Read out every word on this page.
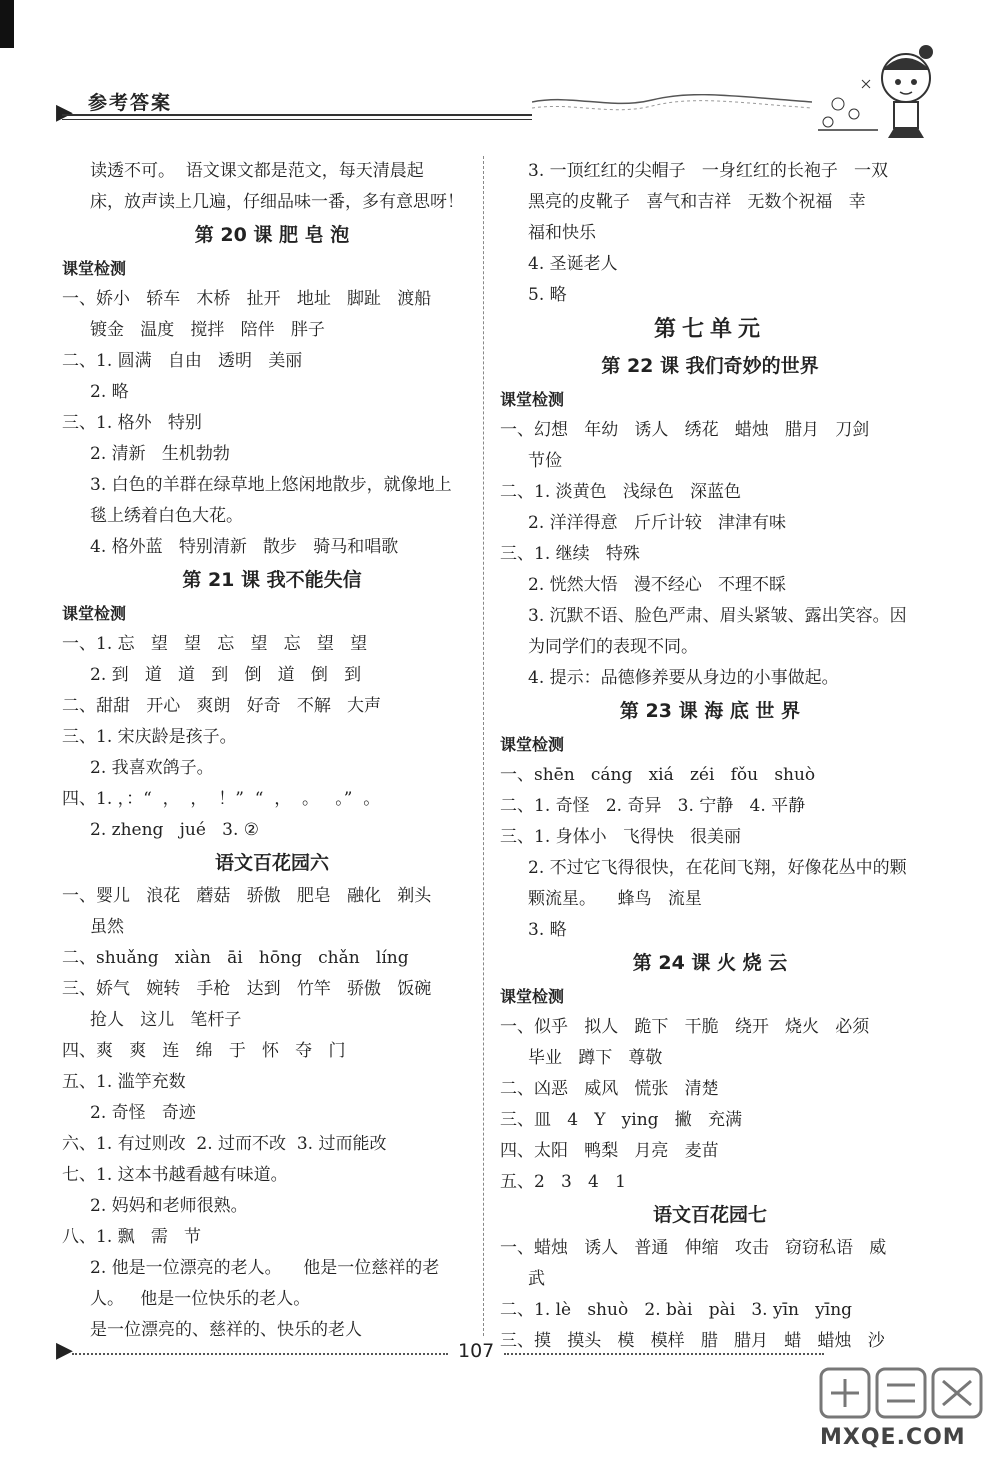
▶ 参考答案
读透不可。  语文课文都是范文，每天清晨起
床，放声读上几遍，仔细品味一番，多有意思呀！
第 20 课 肥 皂 泡
课堂检测
一、娇小   轿车   木桥   扯开   地址   脚趾   渡船
镀金   温度   搅拌   陪伴   胖子
二、1. 圆满   自由   透明   美丽
2. 略
三、1. 格外   特别
2. 清新   生机勃勃
3. 白色的羊群在绿草地上悠闲地散步，就像地上
毯上绣着白色大花。
4. 格外蓝   特别清新   散步   骑马和唱歌
第 21 课 我不能失信
课堂检测
一、1. 忘   望   望   忘   望   忘   望   望
2. 到   道   道   到   倒   道   倒   到
二、甜甜   开心   爽朗   好奇   不解   大声
三、1. 宋庆龄是孩子。
2. 我喜欢鸽子。
四、1. ，：“  ，  ，  ！”  “  ，  。   。”  。
2. zheng   jué   3. ②
语文百花园六
一、婴儿   浪花   蘑菇   骄傲   肥皂   融化   剃头
虽然
二、shuǎng   xiàn   āi   hōng   chǎn   líng
三、娇气   婉转   手枪   达到   竹竿   骄傲   饭碗
抢人   这儿   笔杆子
四、爽   爽   连   绵   于   怀   夺   门
五、1. 滥竽充数
2. 奇怪   奇迹
六、1. 有过则改  2. 过而不改  3. 过而能改
七、1. 这本书越看越有味道。
2. 妈妈和老师很熟。
八、1. 飘   需   节
2. 他是一位漂亮的老人。    他是一位慈祥的老
人。   他是一位快乐的老人。
是一位漂亮的、慈祥的、快乐的老人
3. 一顶红红的尖帽子   一身红红的长袍子   一双
黑亮的皮靴子   喜气和吉祥   无数个祝福   幸
福和快乐
4. 圣诞老人
5. 略
第七单元
第 22 课 我们奇妙的世界
课堂检测
一、幻想   年幼   诱人   绣花   蜡烛   腊月   刀剑
节俭
二、1. 淡黄色   浅绿色   深蓝色
2. 洋洋得意   斤斤计较   津津有味
三、1. 继续   特殊
2. 恍然大悟   漫不经心   不理不睬
3. 沉默不语、脸色严肃、眉头紧皱、露出笑容。因
为同学们的表现不同。
4. 提示：品德修养要从身边的小事做起。
第 23 课 海 底 世 界
课堂检测
一、shēn   cáng   xiá   zéi   fǒu   shuò
二、1. 奇怪   2. 奇异   3. 宁静   4. 平静
三、1. 身体小   飞得快   很美丽
2. 不过它飞得很快，在花间飞翔，好像花丛中的颗
颗流星。    蜂鸟   流星
3. 略
第 24 课 火 烧 云
课堂检测
一、似乎   拟人   跪下   干脆   绕开   烧火   必须
毕业   蹲下   尊敬
二、凶恶   威风   慌张   清楚
三、皿   4   Y   ying   撇   充满
四、太阳   鸭梨   月亮   麦苗
五、2   3   4   1
语文百花园七
一、蜡烛   诱人   普通   伸缩   攻击   窃窃私语   威
武
二、1. lè   shuò   2. bài   pài   3. yīn   yīng
三、摸   摸头   模   模样   腊   腊月   蜡   蜡烛   沙
▶	107
MXQE.COM
